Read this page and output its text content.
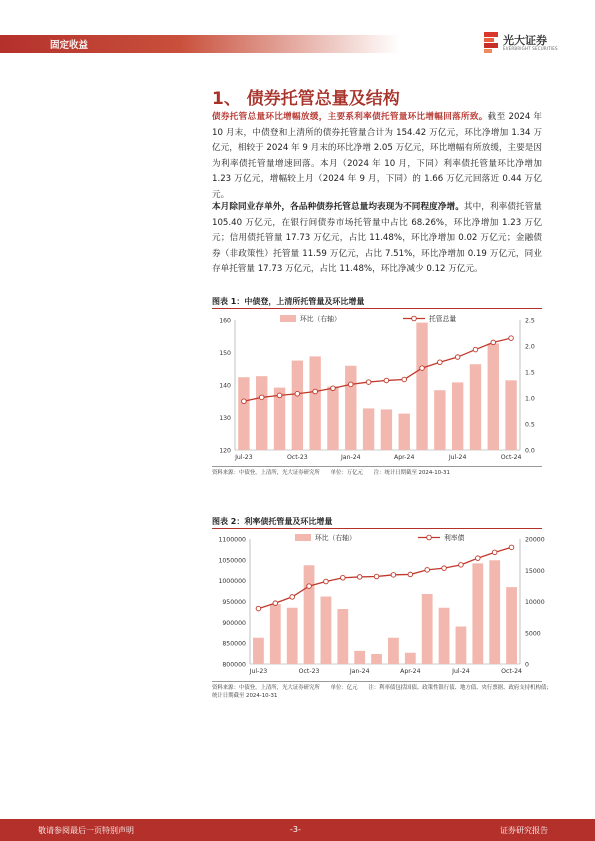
固定收益	光大证券
EVERBRIGHT SECURITIES
1、 债券托管总量及结构
债券托管总量环比增幅放缓，主要系利率债托管量环比增幅回落所致。截至 2024 年 10 月末，中债登和上清所的债券托管量合计为 154.42 万亿元，环比净增加 1.34 万亿元，相较于 2024 年 9 月末的环比净增 2.05 万亿元，环比增幅有所放缓，主要是因为利率债托管量增速回落。本月（2024 年 10 月，下同）利率债托管量环比净增加 1.23 万亿元，增幅较上月（2024 年 9 月，下同）的 1.66 万亿元回落近 0.44 万亿元。
本月除同业存单外，各品种债券托管总量均表现为不同程度净增。其中，利率债托管量 105.40 万亿元，在银行间债券市场托管量中占比 68.26%，环比净增加 1.23 万亿元；信用债托管量 17.73 万亿元，占比 11.48%，环比净增加 0.02 万亿元；金融债券（非政策性）托管量 11.59 万亿元，占比 7.51%，环比净增加 0.19 万亿元，同业存单托管量 17.73 万亿元，占比 11.48%，环比净减少 0.12 万亿元。
图表 1：中债登，上清所托管量及环比增量
120
130
140
150
160
0.0
0.5
1.0
1.5
2.0
2.5
Jul-23	Oct-23	Jan-24	Apr-24	Jul-24	Oct-24
环比（右轴）	托管总量
资料来源：中债登，上清所，光大证券研究所　　单位：万亿元　　注：统计日期截至 2024-10-31
图表 2：利率债托管量及环比增量
800000
850000
900000
950000
1000000
1050000
1100000
0
5000
10000
15000
20000
Jul-23	Oct-23	Jan-24	Apr-24	Jul-24	Oct-24
环比（右轴）	利率债
资料来源：中债登，上清所，光大证券研究所　　单位：亿元　　注：利率债包括国债、政策性银行债、地方债、央行票据、政府支持机构债；统计日期截至 2024-10-31
敬请参阅最后一页特别声明	-3-	证券研究报告
